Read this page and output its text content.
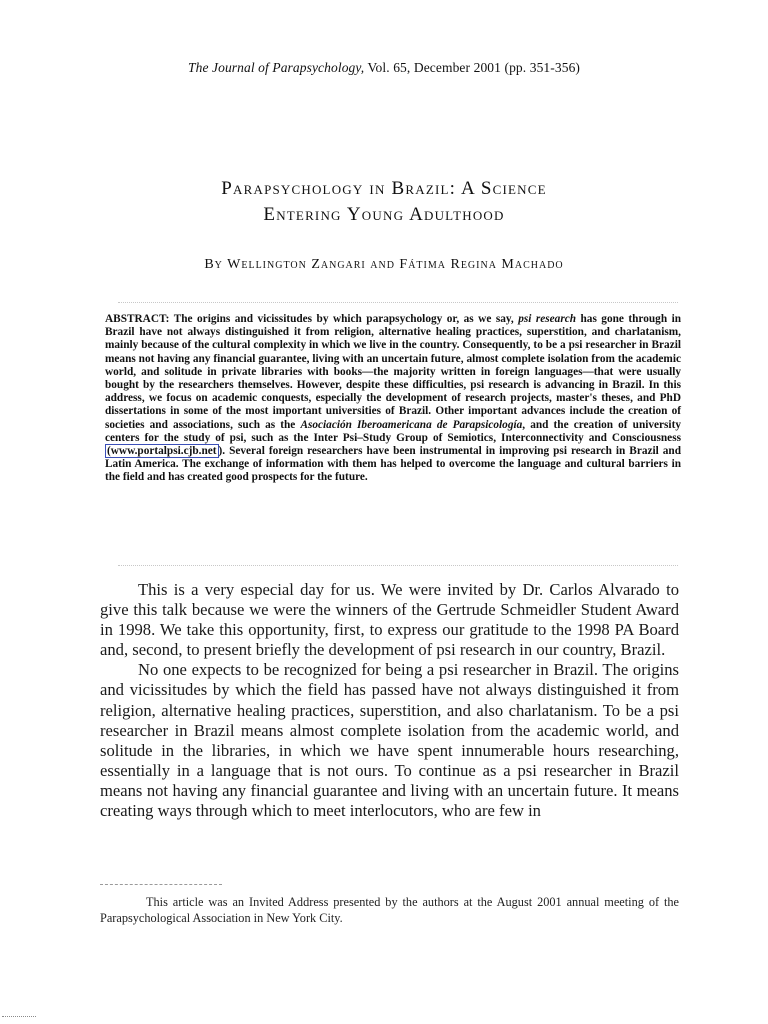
The Journal of Parapsychology, Vol. 65, December 2001 (pp. 351-356)
Parapsychology in Brazil: A Science
Entering Young Adulthood
By Wellington Zangari and Fátima Regina Machado

ABSTRACT: The origins and vicissitudes by which parapsychology or, as we say, psi research has gone through in Brazil have not always distinguished it from religion, alternative healing practices, superstition, and charlatanism, mainly because of the cultural complexity in which we live in the country. Consequently, to be a psi researcher in Brazil means not having any financial guarantee, living with an uncertain future, almost complete isolation from the academic world, and solitude in private libraries with books—the majority written in foreign languages—that were usually bought by the researchers themselves. However, despite these difficulties, psi research is advancing in Brazil. In this address, we focus on academic conquests, especially the development of research projects, master's theses, and PhD dissertations in some of the most important universities of Brazil. Other important advances include the creation of societies and associations, such as the Asociación Iberoamericana de Parapsicología, and the creation of university centers for the study of psi, such as the Inter Psi–Study Group of Semiotics, Interconnectivity and Consciousness (www.portalpsi.cjb.net ). Several foreign researchers have been instrumental in improving psi research in Brazil and Latin America. The exchange of information with them has helped to overcome the language and cultural barriers in the field and has created good prospects for the future.

This is a very especial day for us. We were invited by Dr. Carlos Alvarado to give this talk because we were the winners of the Gertrude Schmeidler Student Award in 1998. We take this opportunity, first, to express our gratitude to the 1998 PA Board and, second, to present briefly the development of psi research in our country, Brazil.

No one expects to be recognized for being a psi researcher in Brazil. The origins and vicissitudes by which the field has passed have not always distinguished it from religion, alternative healing practices, superstition, and also charlatanism. To be a psi researcher in Brazil means almost complete isolation from the academic world, and solitude in the libraries, in which we have spent innumerable hours researching, essentially in a language that is not ours. To continue as a psi researcher in Brazil means not having any financial guarantee and living with an uncertain future. It means creating ways through which to meet interlocutors, who are few in

This article was an Invited Address presented by the authors at the August 2001 annual meeting of the Parapsychological Association in New York City.
